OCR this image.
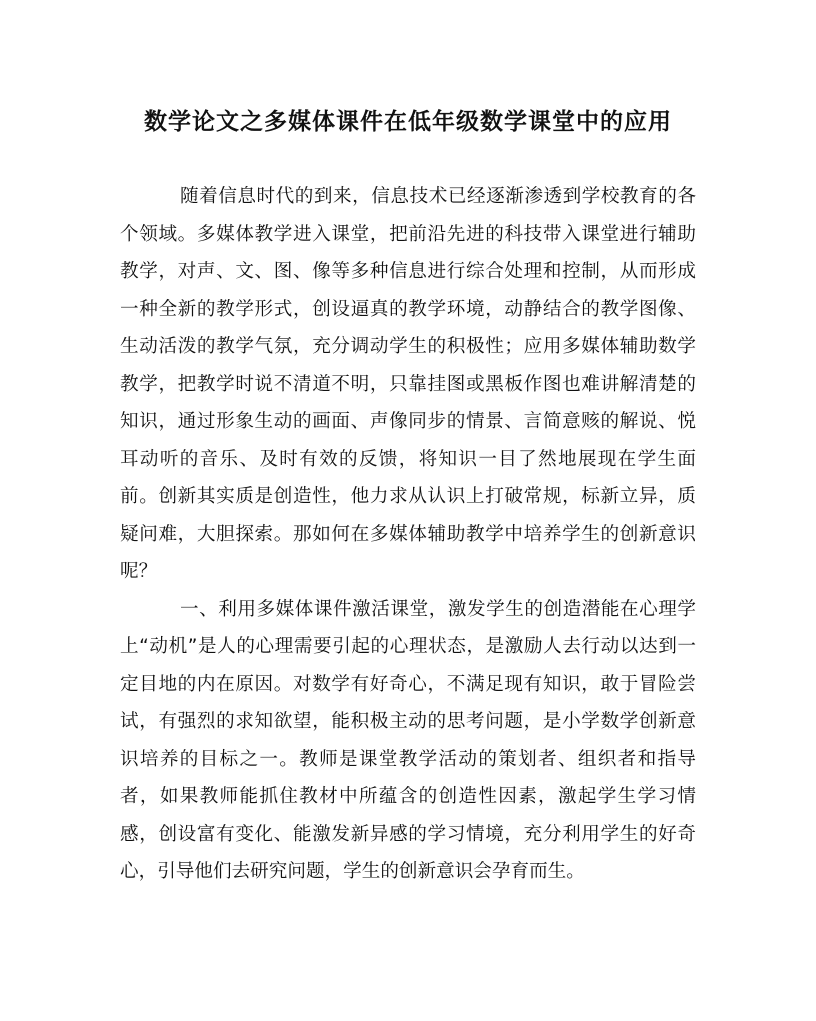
数学论文之多媒体课件在低年级数学课堂中的应用

随着信息时代的到来，信息技术已经逐渐渗透到学校教育的各个领域。多媒体教学进入课堂，把前沿先进的科技带入课堂进行辅助教学，对声、文、图、像等多种信息进行综合处理和控制，从而形成一种全新的教学形式，创设逼真的教学环境，动静结合的教学图像、生动活泼的教学气氛，充分调动学生的积极性；应用多媒体辅助数学教学，把教学时说不清道不明，只靠挂图或黑板作图也难讲解清楚的知识，通过形象生动的画面、声像同步的情景、言简意赅的解说、悦耳动听的音乐、及时有效的反馈，将知识一目了然地展现在学生面前。创新其实质是创造性，他力求从认识上打破常规，标新立异，质疑问难，大胆探索。那如何在多媒体辅助教学中培养学生的创新意识呢？

一、利用多媒体课件激活课堂，激发学生的创造潜能在心理学上“动机”是人的心理需要引起的心理状态，是激励人去行动以达到一定目地的内在原因。对数学有好奇心，不满足现有知识，敢于冒险尝试，有强烈的求知欲望，能积极主动的思考问题，是小学数学创新意识培养的目标之一。教师是课堂教学活动的策划者、组织者和指导者，如果教师能抓住教材中所蕴含的创造性因素，激起学生学习情感，创设富有变化、能激发新异感的学习情境，充分利用学生的好奇心，引导他们去研究问题，学生的创新意识会孕育而生。
